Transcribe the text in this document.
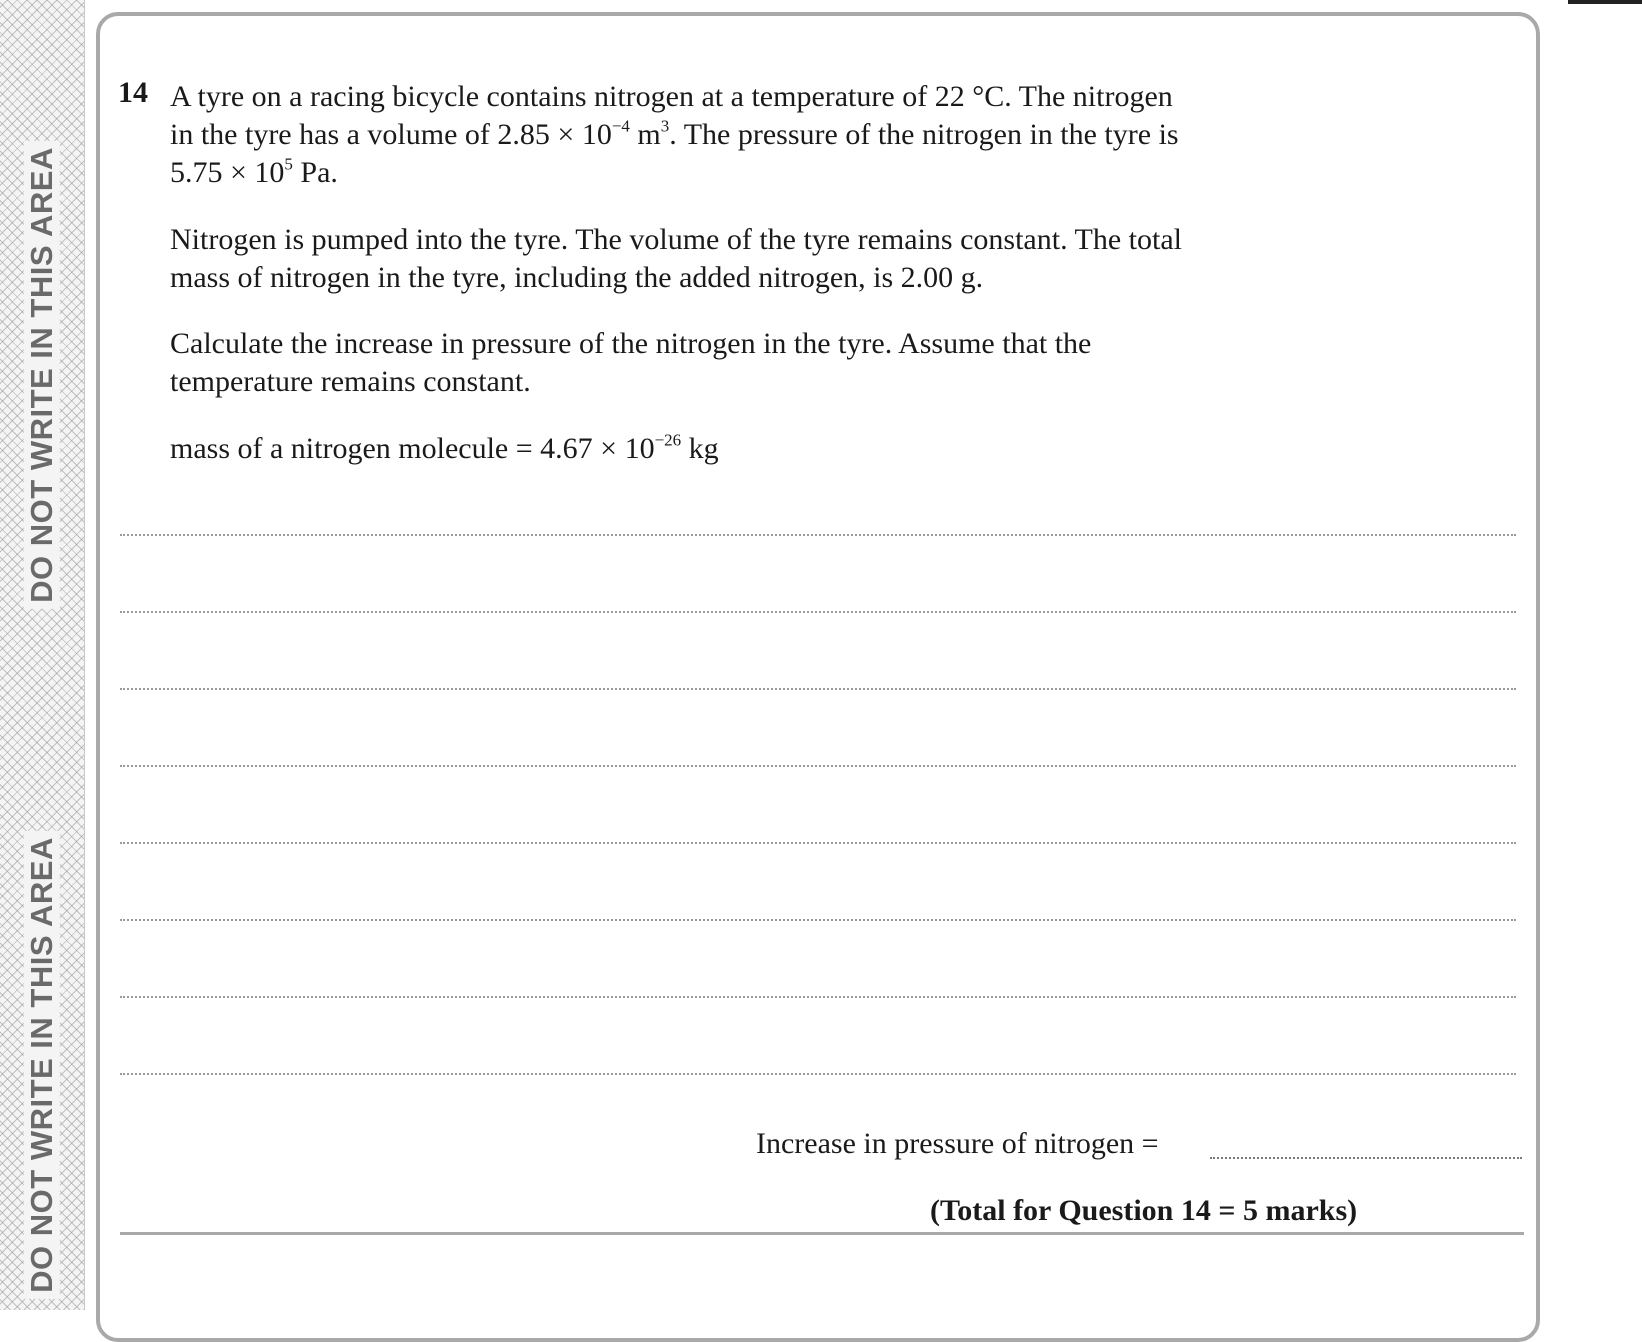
DO NOT WRITE IN THIS AREA
DO NOT WRITE IN THIS AREA
14 A tyre on a racing bicycle contains nitrogen at a temperature of 22 °C. The nitrogen
in the tyre has a volume of $2.85 \times 10^{-4}$ $m^3$. The pressure of the nitrogen in the tyre is
$5.75 \times 10^5$ Pa.
Nitrogen is pumped into the tyre. The volume of the tyre remains constant. The total
mass of nitrogen in the tyre, including the added nitrogen, is 2.00 g.
Calculate the increase in pressure of the nitrogen in the tyre. Assume that the
temperature remains constant.
mass of a nitrogen molecule = $4.67 \times 10^{-26}$ kg
Increase in pressure of nitrogen =
(Total for Question 14 = 5 marks)
